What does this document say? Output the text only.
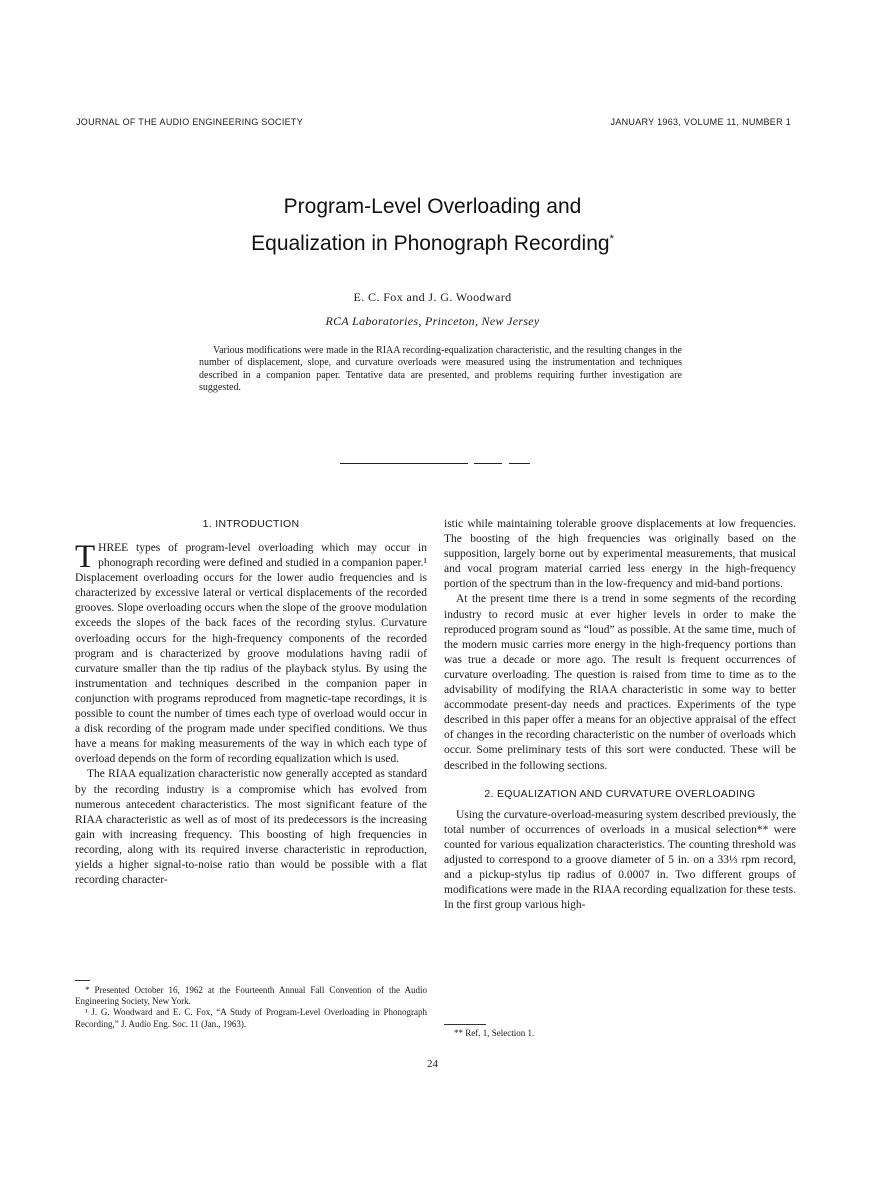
JOURNAL OF THE AUDIO ENGINEERING SOCIETY	JANUARY 1963, VOLUME 11, NUMBER 1
Program-Level Overloading and
Equalization in Phonograph Recording*
E. C. Fox and J. G. Woodward
RCA Laboratories, Princeton, New Jersey
Various modifications were made in the RIAA recording-equalization characteristic, and the resulting changes in the number of displacement, slope, and curvature overloads were measured using the instrumentation and techniques described in a companion paper. Tentative data are presented, and problems requiring further investigation are suggested.
1. INTRODUCTION

THREE types of program-level overloading which may occur in phonograph recording were defined and studied in a companion paper.¹ Displacement overloading occurs for the lower audio frequencies and is characterized by excessive lateral or vertical displacements of the recorded grooves. Slope overloading occurs when the slope of the groove modulation exceeds the slopes of the back faces of the recording stylus. Curvature overloading occurs for the high-frequency components of the recorded program and is characterized by groove modulations having radii of curvature smaller than the tip radius of the playback stylus. By using the instrumentation and techniques described in the companion paper in conjunction with programs reproduced from magnetic-tape recordings, it is possible to count the number of times each type of overload would occur in a disk recording of the program made under specified conditions. We thus have a means for making measurements of the way in which each type of overload depends on the form of recording equalization which is used.

The RIAA equalization characteristic now generally accepted as standard by the recording industry is a compromise which has evolved from numerous antecedent characteristics. The most significant feature of the RIAA characteristic as well as of most of its predecessors is the increasing gain with increasing frequency. This boosting of high frequencies in recording, along with its required inverse characteristic in reproduction, yields a higher signal-to-noise ratio than would be possible with a flat recording character-

istic while maintaining tolerable groove displacements at low frequencies. The boosting of the high frequencies was originally based on the supposition, largely borne out by experimental measurements, that musical and vocal program material carried less energy in the high-frequency portion of the spectrum than in the low-frequency and mid-band portions.

At the present time there is a trend in some segments of the recording industry to record music at ever higher levels in order to make the reproduced program sound as “loud” as possible. At the same time, much of the modern music carries more energy in the high-frequency portions than was true a decade or more ago. The result is frequent occurrences of curvature overloading. The question is raised from time to time as to the advisability of modifying the RIAA characteristic in some way to better accommodate present-day needs and practices. Experiments of the type described in this paper offer a means for an objective appraisal of the effect of changes in the recording characteristic on the number of overloads which occur. Some preliminary tests of this sort were conducted. These will be described in the following sections.

2. EQUALIZATION AND CURVATURE OVERLOADING

Using the curvature-overload-measuring system described previously, the total number of occurrences of overloads in a musical selection** were counted for various equalization characteristics. The counting threshold was adjusted to correspond to a groove diameter of 5 in. on a 33⅓ rpm record, and a pickup-stylus tip radius of 0.0007 in. Two different groups of modifications were made in the RIAA recording equalization for these tests. In the first group various high-

* Presented October 16, 1962 at the Fourteenth Annual Fall Convention of the Audio Engineering Society, New York.

¹ J. G. Woodward and E. C. Fox, “A Study of Program-Level Overloading in Phonograph Recording,” J. Audio Eng. Soc. 11 (Jan., 1963).

** Ref. 1, Selection 1.

24
